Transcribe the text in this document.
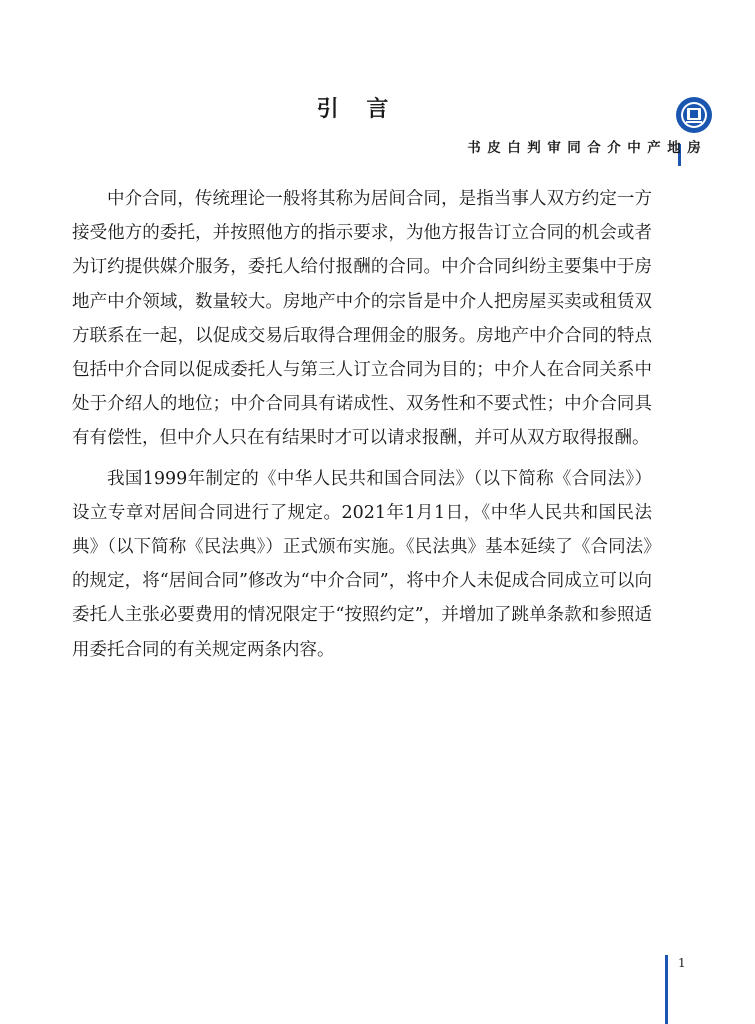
引 言

中介合同，传统理论一般将其称为居间合同，是指当事人双方约定一方接受他方的委托，并按照他方的指示要求，为他方报告订立合同的机会或者为订约提供媒介服务，委托人给付报酬的合同。中介合同纠纷主要集中于房地产中介领域，数量较大。房地产中介的宗旨是中介人把房屋买卖或租赁双方联系在一起，以促成交易后取得合理佣金的服务。房地产中介合同的特点包括中介合同以促成委托人与第三人订立合同为目的；中介人在合同关系中处于介绍人的地位；中介合同具有诺成性、双务性和不要式性；中介合同具有有偿性，但中介人只在有结果时才可以请求报酬，并可从双方取得报酬。

我国1999年制定的《中华人民共和国合同法》（以下简称《合同法》）设立专章对居间合同进行了规定。2021年1月1日，《中华人民共和国民法典》（以下简称《民法典》）正式颁布实施。《民法典》基本延续了《合同法》的规定，将“居间合同”修改为“中介合同”，将中介人未促成合同成立可以向委托人主张必要费用的情况限定于“按照约定”，并增加了跳单条款和参照适用委托合同的有关规定两条内容。

房地产中介合同审判白皮书
1
